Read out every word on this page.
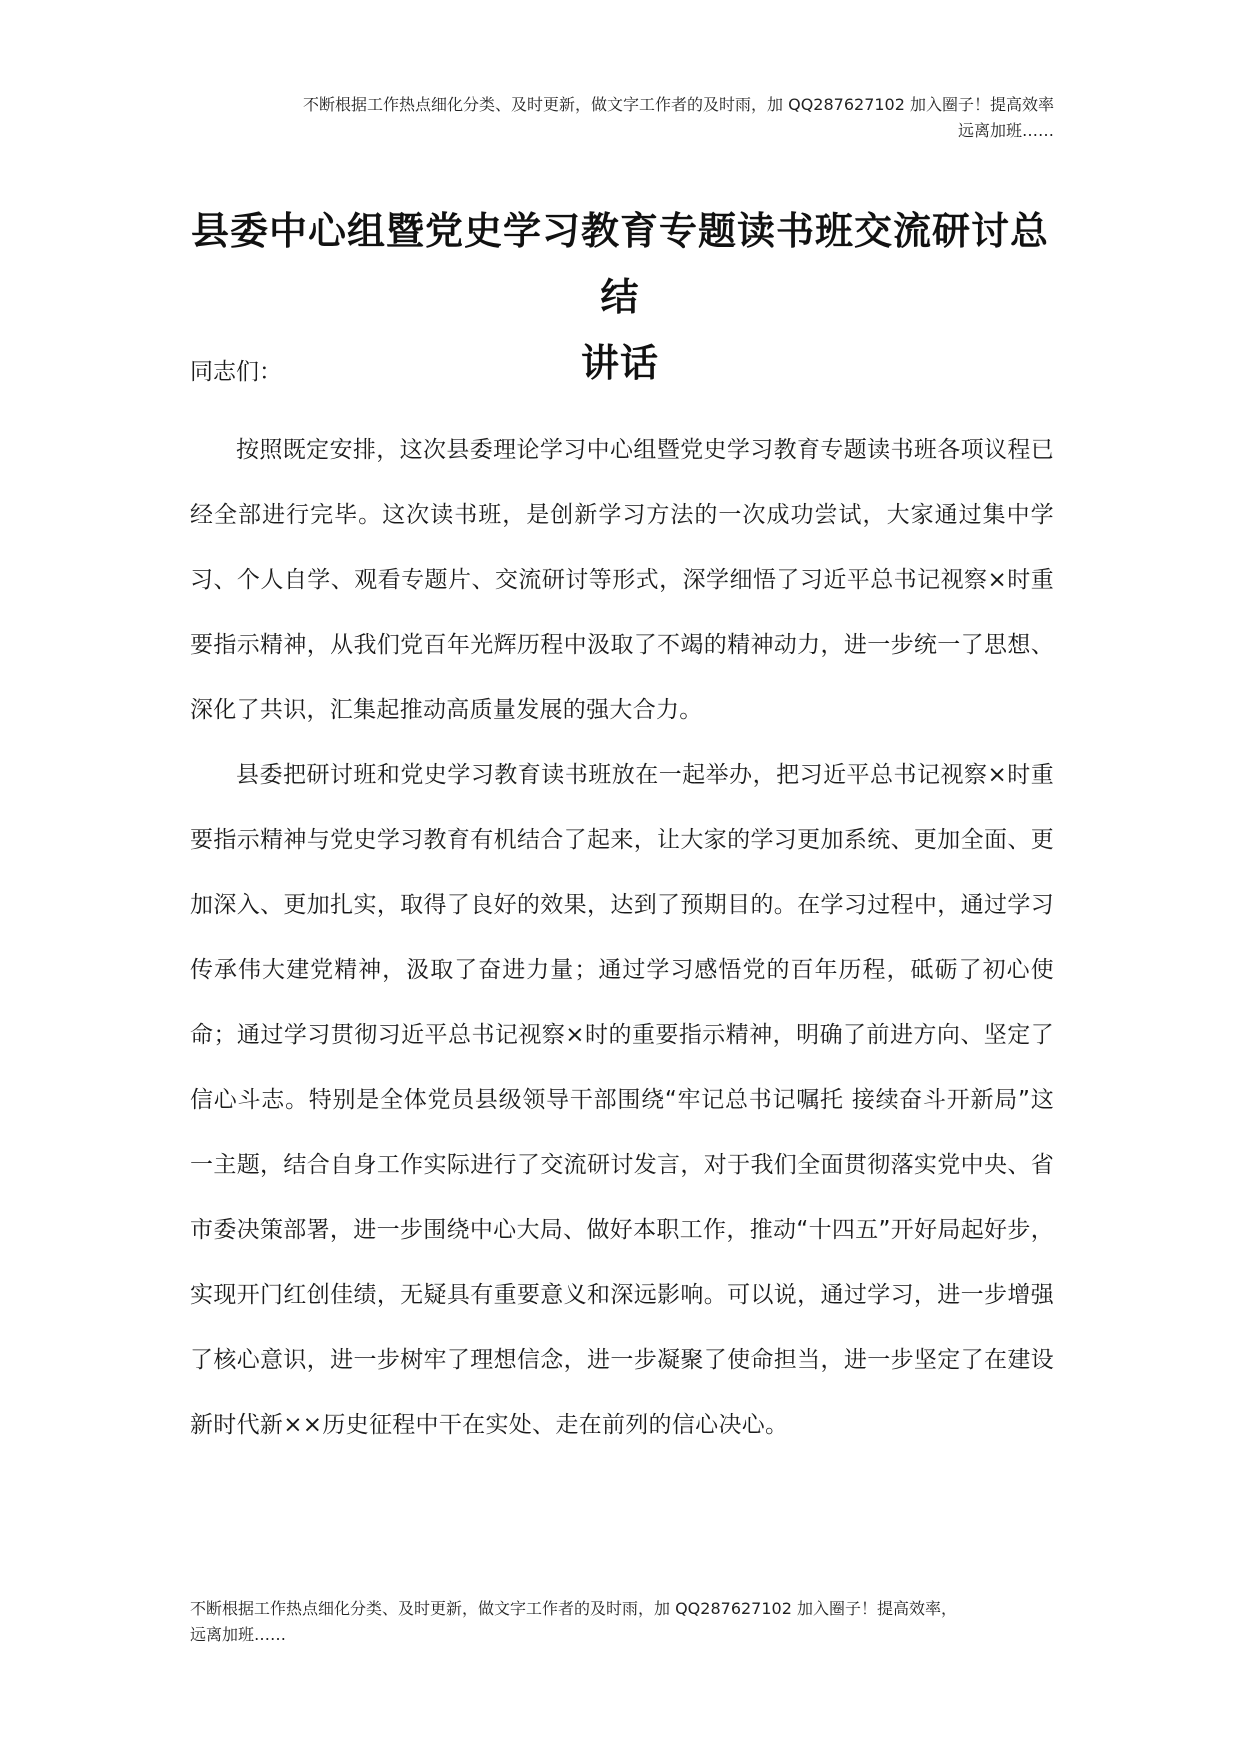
不断根据工作热点细化分类、及时更新，做文字工作者的及时雨，加 QQ287627102 加入圈子！提高效率
远离加班……
县委中心组暨党史学习教育专题读书班交流研讨总结
讲话

同志们：

按照既定安排，这次县委理论学习中心组暨党史学习教育专题读书班各项议程已经全部进行完毕。这次读书班，是创新学习方法的一次成功尝试，大家通过集中学习、个人自学、观看专题片、交流研讨等形式，深学细悟了习近平总书记视察×时重要指示精神，从我们党百年光辉历程中汲取了不竭的精神动力，进一步统一了思想、深化了共识，汇集起推动高质量发展的强大合力。

县委把研讨班和党史学习教育读书班放在一起举办，把习近平总书记视察×时重要指示精神与党史学习教育有机结合了起来，让大家的学习更加系统、更加全面、更加深入、更加扎实，取得了良好的效果，达到了预期目的。在学习过程中，通过学习传承伟大建党精神，汲取了奋进力量；通过学习感悟党的百年历程，砥砺了初心使命；通过学习贯彻习近平总书记视察×时的重要指示精神，明确了前进方向、坚定了信心斗志。特别是全体党员县级领导干部围绕“牢记总书记嘱托 接续奋斗开新局”这一主题，结合自身工作实际进行了交流研讨发言，对于我们全面贯彻落实党中央、省市委决策部署，进一步围绕中心大局、做好本职工作，推动“十四五”开好局起好步，实现开门红创佳绩，无疑具有重要意义和深远影响。可以说，通过学习，进一步增强了核心意识，进一步树牢了理想信念，进一步凝聚了使命担当，进一步坚定了在建设新时代新××历史征程中干在实处、走在前列的信心决心。

不断根据工作热点细化分类、及时更新，做文字工作者的及时雨，加 QQ287627102 加入圈子！提高效率，
远离加班……
